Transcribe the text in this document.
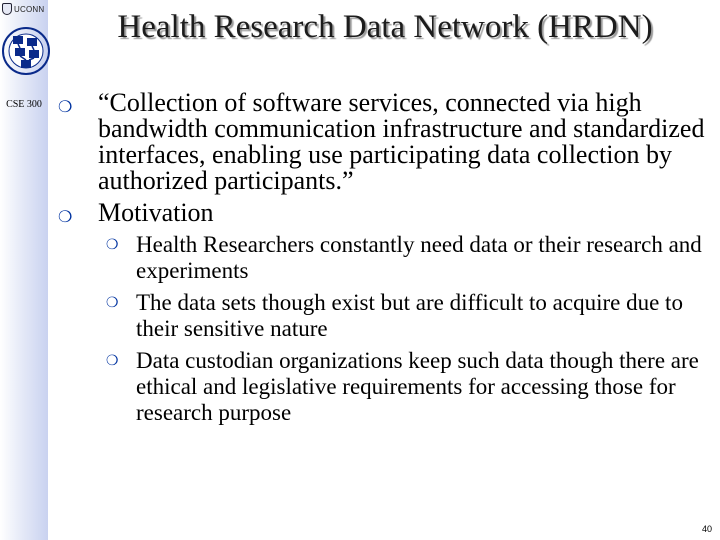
UCONN
CSE 300
Health Research Data Network (HRDN)
❍ “Collection of software services, connected via high bandwidth communication infrastructure and standardized interfaces, enabling use participating data collection by authorized participants.”
❍ Motivation
❍ Health Researchers constantly need data or their research and experiments
❍ The data sets though exist but are difficult to acquire due to their sensitive nature
❍ Data custodian organizations keep such data though there are ethical and legislative requirements for accessing those for research purpose
40
